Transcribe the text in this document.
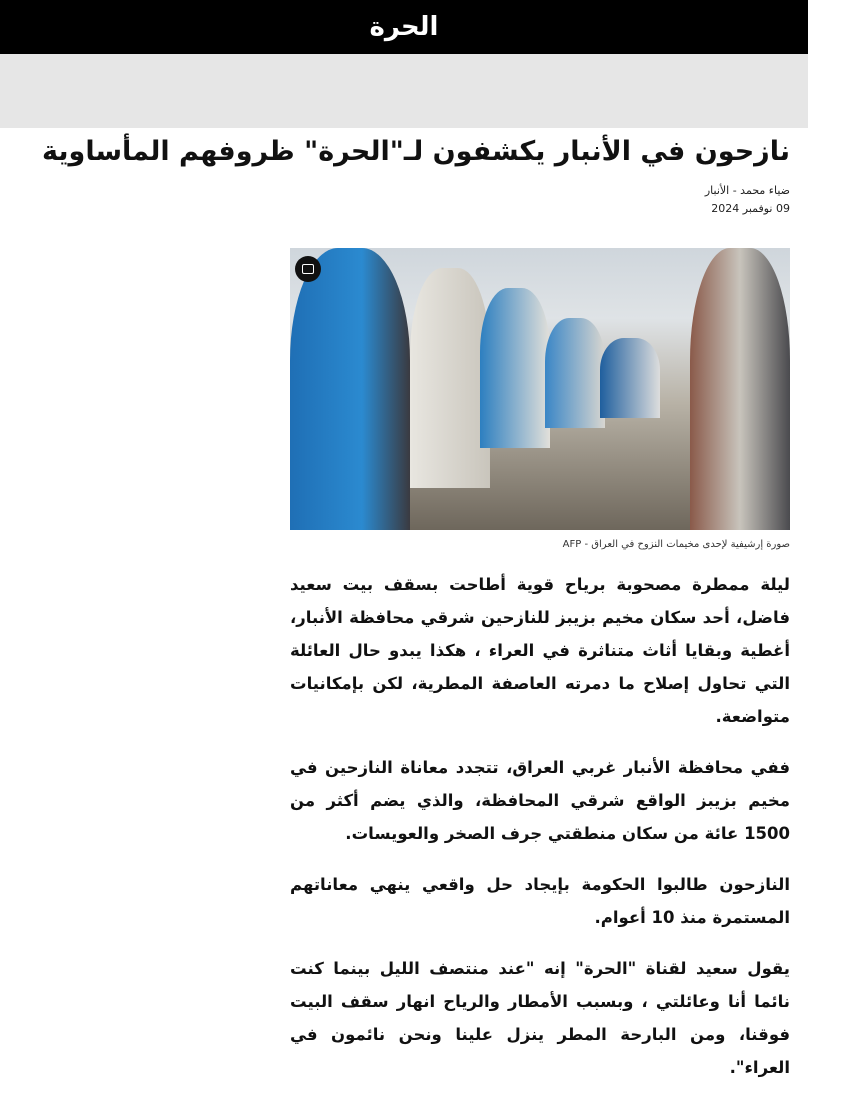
الحرة
نازحون في الأنبار يكشفون لـ"الحرة" ظروفهم المأساوية
ضياء محمد - الأنبار
09 نوفمبر 2024
صورة إرشيفية لإحدى مخيمات النزوح في العراق - AFP

ليلة ممطرة مصحوبة برياح قوية أطاحت بسقف بيت سعيد فاضل، أحد سكان مخيم بزيبز للنازحين شرقي محافظة الأنبار، أغطية وبقايا أثاث متناثرة في العراء ، هكذا يبدو حال العائلة التي تحاول إصلاح ما دمرته العاصفة المطرية، لكن بإمكانيات متواضعة.

ففي محافظة الأنبار غربي العراق، تتجدد معاناة النازحين في مخيم بزيبز الواقع شرقي المحافظة، والذي يضم أكثر من 1500 عائة من سكان منطقتي جرف الصخر والعويسات.

النازحون طالبوا الحكومة بإيجاد حل واقعي ينهي معاناتهم المستمرة منذ 10 أعوام.

يقول سعيد لقناة "الحرة" إنه "عند منتصف الليل بينما كنت نائما أنا وعائلتي ، وبسبب الأمطار والرياح انهار سقف البيت فوقنا، ومن البارحة المطر ينزل علينا ونحن نائمون في العراء".
